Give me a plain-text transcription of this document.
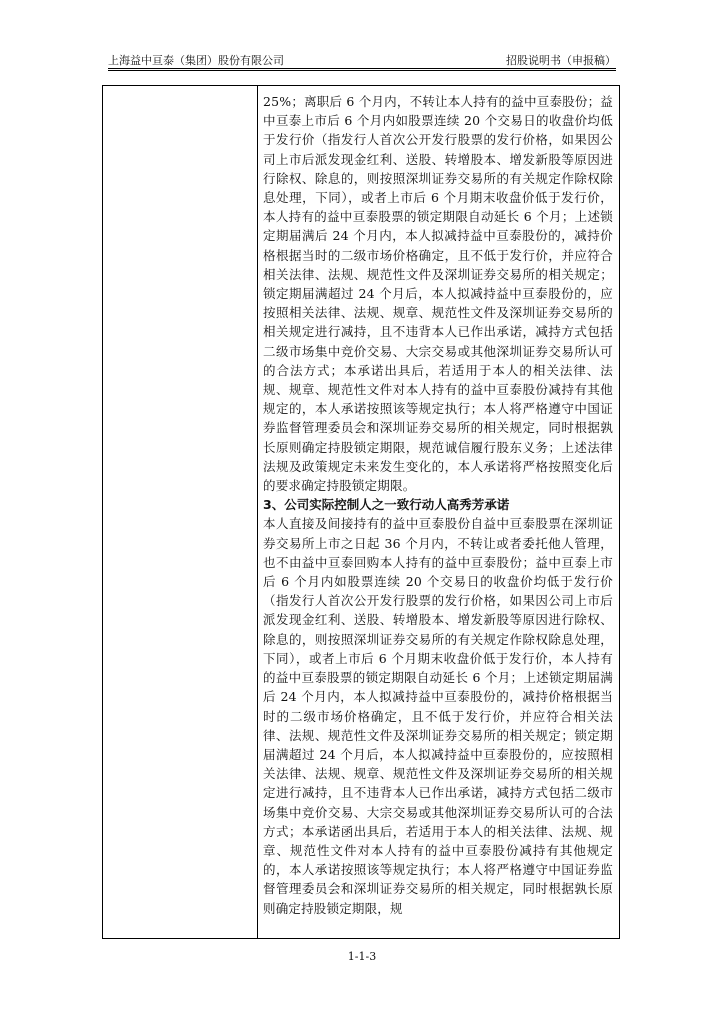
上海益中亘泰（集团）股份有限公司	招股说明书（申报稿）

25%；离职后 6 个月内，不转让本人持有的益中亘泰股份；益中亘泰上市后 6 个月内如股票连续 20 个交易日的收盘价均低于发行价（指发行人首次公开发行股票的发行价格，如果因公司上市后派发现金红利、送股、转增股本、增发新股等原因进行除权、除息的，则按照深圳证券交易所的有关规定作除权除息处理，下同），或者上市后 6 个月期末收盘价低于发行价，本人持有的益中亘泰股票的锁定期限自动延长 6 个月；上述锁定期届满后 24 个月内，本人拟减持益中亘泰股份的，减持价格根据当时的二级市场价格确定，且不低于发行价，并应符合相关法律、法规、规范性文件及深圳证券交易所的相关规定；锁定期届满超过 24 个月后，本人拟减持益中亘泰股份的，应按照相关法律、法规、规章、规范性文件及深圳证券交易所的相关规定进行减持，且不违背本人已作出承诺，减持方式包括二级市场集中竞价交易、大宗交易或其他深圳证券交易所认可的合法方式；本承诺出具后，若适用于本人的相关法律、法规、规章、规范性文件对本人持有的益中亘泰股份减持有其他规定的，本人承诺按照该等规定执行；本人将严格遵守中国证券监督管理委员会和深圳证券交易所的相关规定，同时根据孰长原则确定持股锁定期限，规范诚信履行股东义务；上述法律法规及政策规定未来发生变化的，本人承诺将严格按照变化后的要求确定持股锁定期限。

3、公司实际控制人之一致行动人高秀芳承诺

本人直接及间接持有的益中亘泰股份自益中亘泰股票在深圳证券交易所上市之日起 36 个月内，不转让或者委托他人管理，也不由益中亘泰回购本人持有的益中亘泰股份；益中亘泰上市后 6 个月内如股票连续 20 个交易日的收盘价均低于发行价（指发行人首次公开发行股票的发行价格，如果因公司上市后派发现金红利、送股、转增股本、增发新股等原因进行除权、除息的，则按照深圳证券交易所的有关规定作除权除息处理，下同），或者上市后 6 个月期末收盘价低于发行价，本人持有的益中亘泰股票的锁定期限自动延长 6 个月；上述锁定期届满后 24 个月内，本人拟减持益中亘泰股份的，减持价格根据当时的二级市场价格确定，且不低于发行价，并应符合相关法律、法规、规范性文件及深圳证券交易所的相关规定；锁定期届满超过 24 个月后，本人拟减持益中亘泰股份的，应按照相关法律、法规、规章、规范性文件及深圳证券交易所的相关规定进行减持，且不违背本人已作出承诺，减持方式包括二级市场集中竞价交易、大宗交易或其他深圳证券交易所认可的合法方式；本承诺函出具后，若适用于本人的相关法律、法规、规章、规范性文件对本人持有的益中亘泰股份减持有其他规定的，本人承诺按照该等规定执行；本人将严格遵守中国证券监督管理委员会和深圳证券交易所的相关规定，同时根据孰长原则确定持股锁定期限，规

1-1-3
